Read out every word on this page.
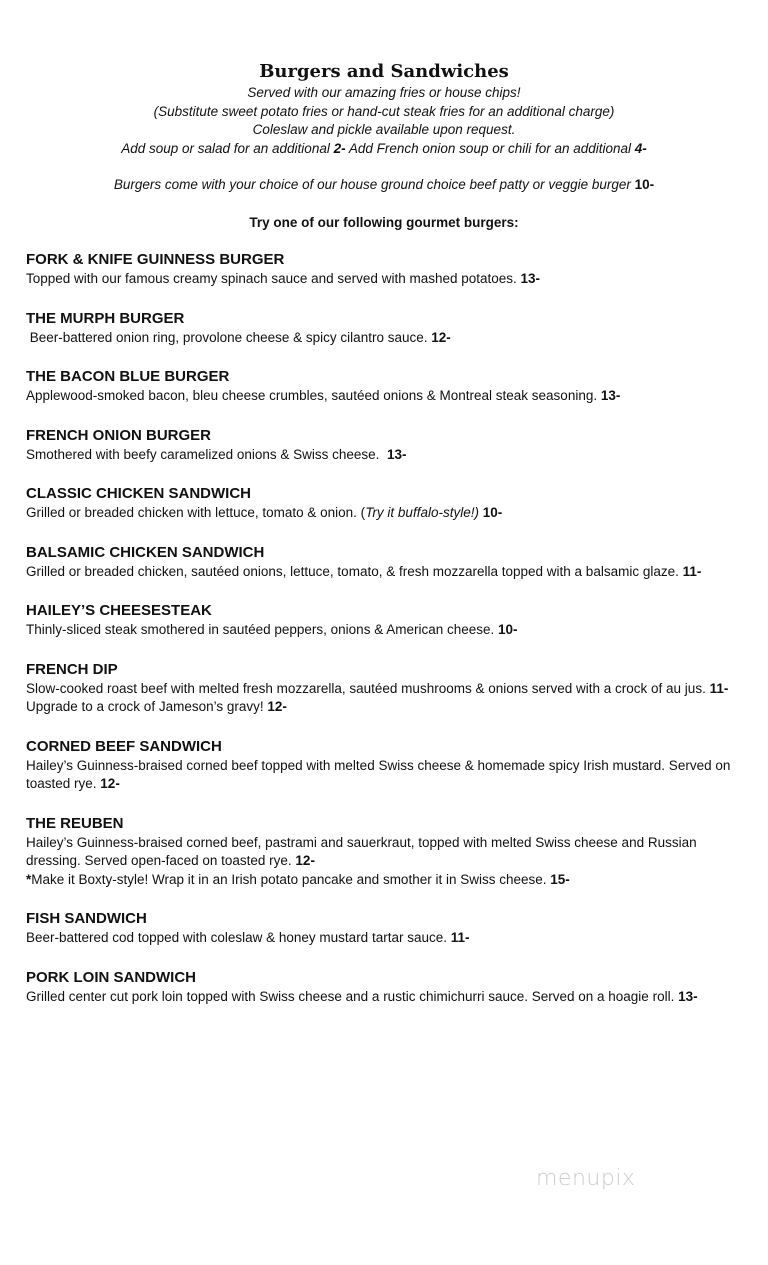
Burgers and Sandwiches
Served with our amazing fries or house chips!
(Substitute sweet potato fries or hand-cut steak fries for an additional charge)
Coleslaw and pickle available upon request.
Add soup or salad for an additional 2- Add French onion soup or chili for an additional 4-
Burgers come with your choice of our house ground choice beef patty or veggie burger 10-
Try one of our following gourmet burgers:
FORK & KNIFE GUINNESS BURGER
Topped with our famous creamy spinach sauce and served with mashed potatoes. 13-
THE MURPH BURGER
Beer-battered onion ring, provolone cheese & spicy cilantro sauce. 12-
THE BACON BLUE BURGER
Applewood-smoked bacon, bleu cheese crumbles, sautéed onions & Montreal steak seasoning. 13-
FRENCH ONION BURGER
Smothered with beefy caramelized onions & Swiss cheese.  13-
CLASSIC CHICKEN SANDWICH
Grilled or breaded chicken with lettuce, tomato & onion. (Try it buffalo-style!) 10-
BALSAMIC CHICKEN SANDWICH
Grilled or breaded chicken, sautéed onions, lettuce, tomato, & fresh mozzarella topped with a balsamic glaze. 11-
HAILEY’S CHEESESTEAK
Thinly-sliced steak smothered in sautéed peppers, onions & American cheese. 10-
FRENCH DIP
Slow-cooked roast beef with melted fresh mozzarella, sautéed mushrooms & onions served with a crock of au jus. 11- Upgrade to a crock of Jameson’s gravy! 12-
CORNED BEEF SANDWICH
Hailey’s Guinness-braised corned beef topped with melted Swiss cheese & homemade spicy Irish mustard. Served on toasted rye. 12-
THE REUBEN
Hailey’s Guinness-braised corned beef, pastrami and sauerkraut, topped with melted Swiss cheese and Russian dressing. Served open-faced on toasted rye. 12-
*Make it Boxty-style! Wrap it in an Irish potato pancake and smother it in Swiss cheese. 15-
FISH SANDWICH
Beer-battered cod topped with coleslaw & honey mustard tartar sauce. 11-
PORK LOIN SANDWICH
Grilled center cut pork loin topped with Swiss cheese and a rustic chimichurri sauce. Served on a hoagie roll. 13-
menupix
